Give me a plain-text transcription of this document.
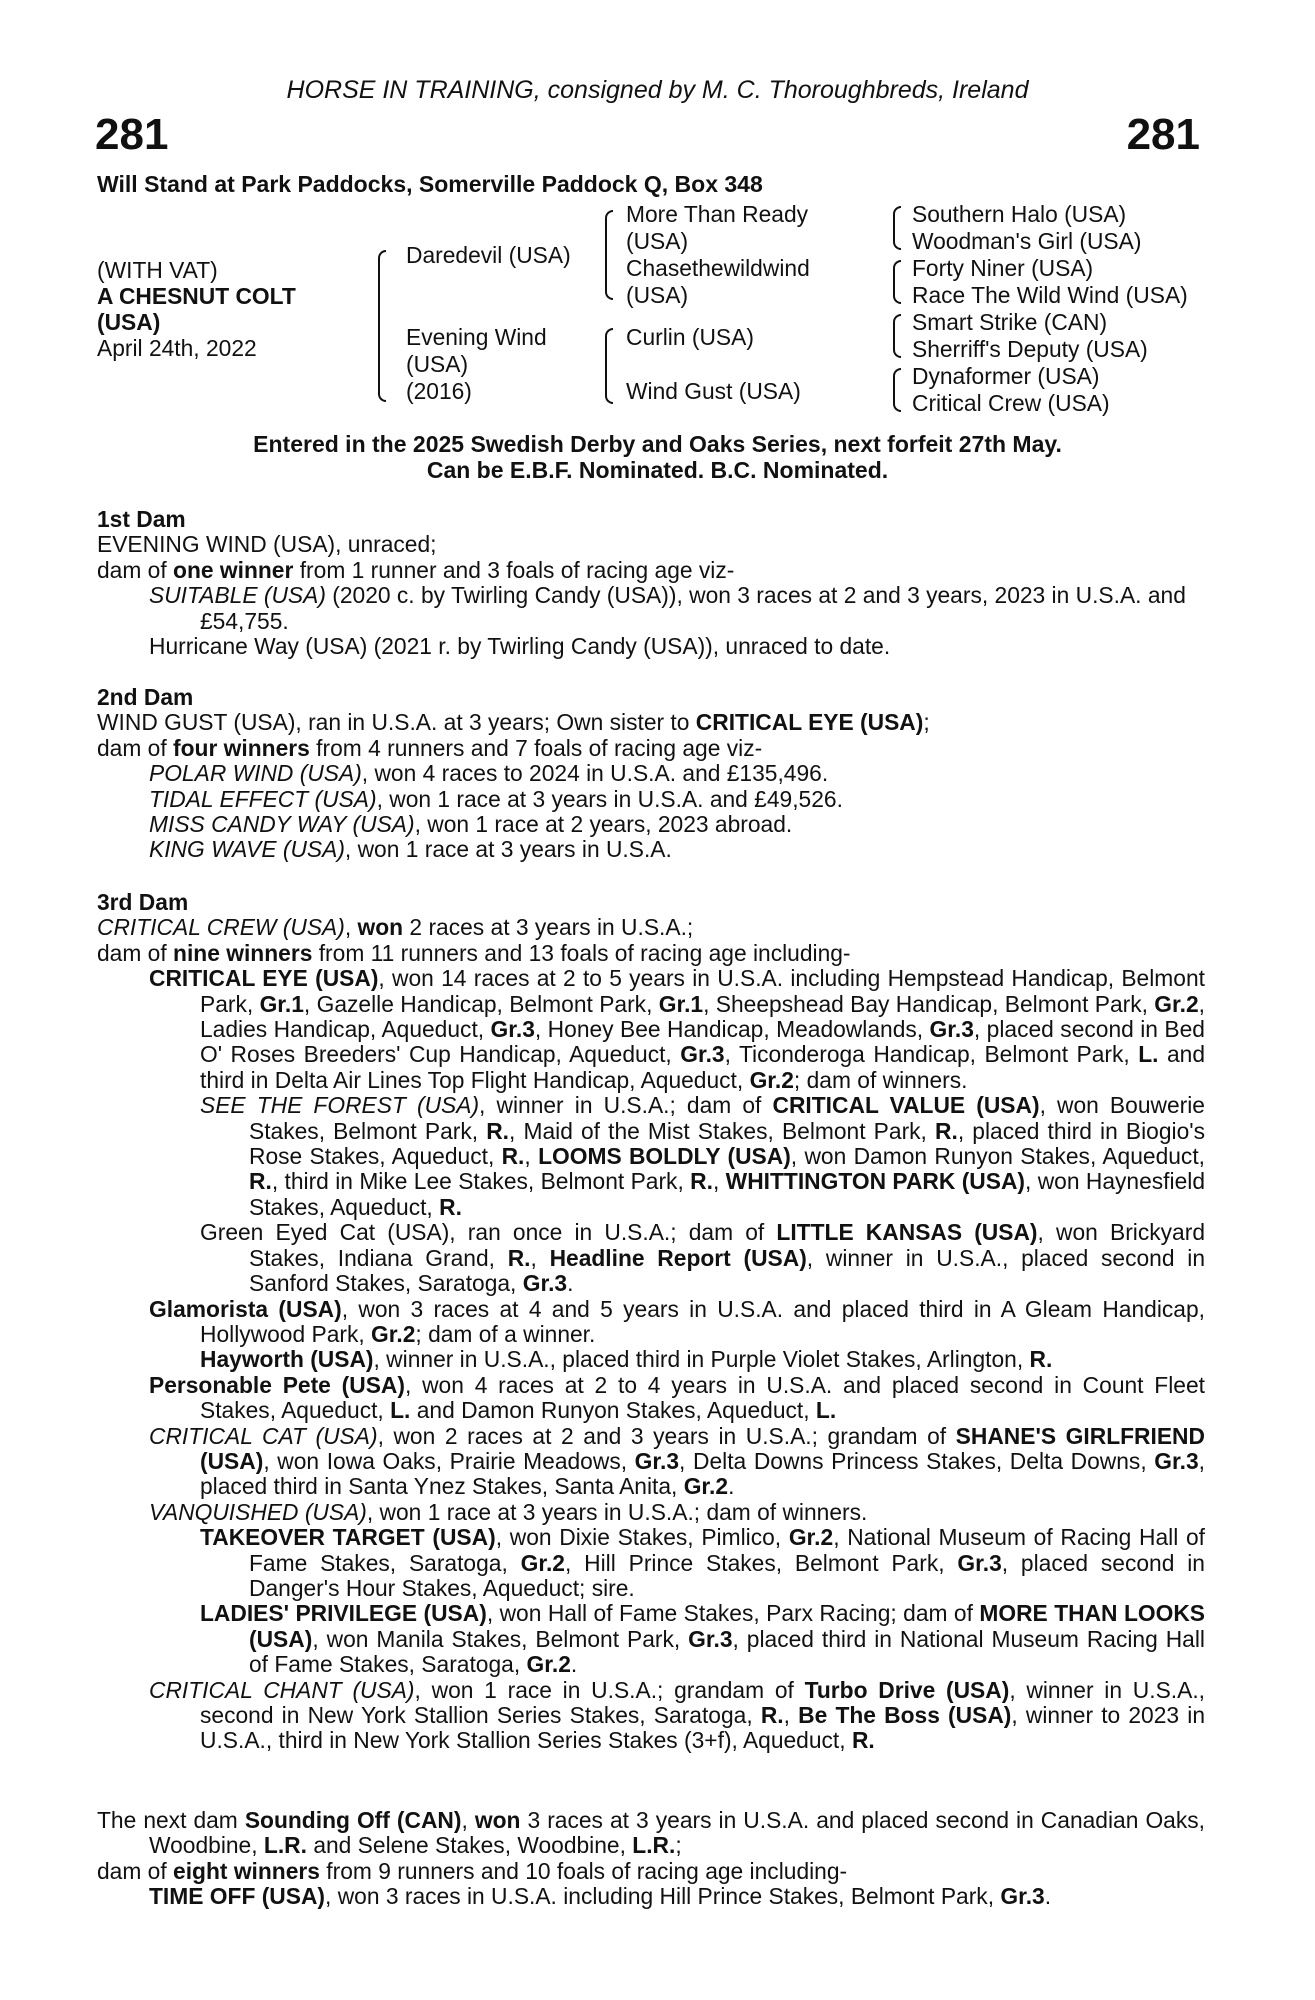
HORSE IN TRAINING, consigned by M. C. Thoroughbreds, Ireland
281	281
Will Stand at Park Paddocks, Somerville Paddock Q, Box 348
(WITH VAT)
A CHESNUT COLT
(USA)
April 24th, 2022
Daredevil (USA)
Evening Wind
(USA)
(2016)
More Than Ready
(USA)
Chasethewildwind
(USA)
Curlin (USA)
Wind Gust (USA)
Southern Halo (USA)
Woodman's Girl (USA)
Forty Niner (USA)
Race The Wild Wind (USA)
Smart Strike (CAN)
Sherriff's Deputy (USA)
Dynaformer (USA)
Critical Crew (USA)
Entered in the 2025 Swedish Derby and Oaks Series, next forfeit 27th May.
Can be E.B.F. Nominated. B.C. Nominated.

1st Dam

EVENING WIND (USA), unraced;

dam of one winner from 1 runner and 3 foals of racing age viz-

SUITABLE (USA) (2020 c. by Twirling Candy (USA)), won 3 races at 2 and 3 years, 2023 in U.S.A. and £54,755.

Hurricane Way (USA) (2021 r. by Twirling Candy (USA)), unraced to date.

2nd Dam

WIND GUST (USA), ran in U.S.A. at 3 years; Own sister to CRITICAL EYE (USA);

dam of four winners from 4 runners and 7 foals of racing age viz-

POLAR WIND (USA), won 4 races to 2024 in U.S.A. and £135,496.

TIDAL EFFECT (USA), won 1 race at 3 years in U.S.A. and £49,526.

MISS CANDY WAY (USA), won 1 race at 2 years, 2023 abroad.

KING WAVE (USA), won 1 race at 3 years in U.S.A.

3rd Dam

CRITICAL CREW (USA), won 2 races at 3 years in U.S.A.;

dam of nine winners from 11 runners and 13 foals of racing age including-

CRITICAL EYE (USA), won 14 races at 2 to 5 years in U.S.A. including Hempstead Handicap, Belmont Park, Gr.1, Gazelle Handicap, Belmont Park, Gr.1, Sheepshead Bay Handicap, Belmont Park, Gr.2, Ladies Handicap, Aqueduct, Gr.3, Honey Bee Handicap, Meadowlands, Gr.3, placed second in Bed O' Roses Breeders' Cup Handicap, Aqueduct, Gr.3, Ticonderoga Handicap, Belmont Park, L. and third in Delta Air Lines Top Flight Handicap, Aqueduct, Gr.2; dam of winners.

SEE THE FOREST (USA), winner in U.S.A.; dam of CRITICAL VALUE (USA), won Bouwerie Stakes, Belmont Park, R., Maid of the Mist Stakes, Belmont Park, R., placed third in Biogio's Rose Stakes, Aqueduct, R., LOOMS BOLDLY (USA), won Damon Runyon Stakes, Aqueduct, R., third in Mike Lee Stakes, Belmont Park, R., WHITTINGTON PARK (USA), won Haynesfield Stakes, Aqueduct, R.

Green Eyed Cat (USA), ran once in U.S.A.; dam of LITTLE KANSAS (USA), won Brickyard Stakes, Indiana Grand, R., Headline Report (USA), winner in U.S.A., placed second in Sanford Stakes, Saratoga, Gr.3.

Glamorista (USA), won 3 races at 4 and 5 years in U.S.A. and placed third in A Gleam Handicap, Hollywood Park, Gr.2; dam of a winner.

Hayworth (USA), winner in U.S.A., placed third in Purple Violet Stakes, Arlington, R.

Personable Pete (USA), won 4 races at 2 to 4 years in U.S.A. and placed second in Count Fleet Stakes, Aqueduct, L. and Damon Runyon Stakes, Aqueduct, L.

CRITICAL CAT (USA), won 2 races at 2 and 3 years in U.S.A.; grandam of SHANE'S GIRLFRIEND (USA), won Iowa Oaks, Prairie Meadows, Gr.3, Delta Downs Princess Stakes, Delta Downs, Gr.3, placed third in Santa Ynez Stakes, Santa Anita, Gr.2.

VANQUISHED (USA), won 1 race at 3 years in U.S.A.; dam of winners.

TAKEOVER TARGET (USA), won Dixie Stakes, Pimlico, Gr.2, National Museum of Racing Hall of Fame Stakes, Saratoga, Gr.2, Hill Prince Stakes, Belmont Park, Gr.3, placed second in Danger's Hour Stakes, Aqueduct; sire.

LADIES' PRIVILEGE (USA), won Hall of Fame Stakes, Parx Racing; dam of MORE THAN LOOKS (USA), won Manila Stakes, Belmont Park, Gr.3, placed third in National Museum Racing Hall of Fame Stakes, Saratoga, Gr.2.

CRITICAL CHANT (USA), won 1 race in U.S.A.; grandam of Turbo Drive (USA), winner in U.S.A., second in New York Stallion Series Stakes, Saratoga, R., Be The Boss (USA), winner to 2023 in U.S.A., third in New York Stallion Series Stakes (3+f), Aqueduct, R.

The next dam Sounding Off (CAN), won 3 races at 3 years in U.S.A. and placed second in Canadian Oaks, Woodbine, L.R. and Selene Stakes, Woodbine, L.R.;

dam of eight winners from 9 runners and 10 foals of racing age including-

TIME OFF (USA), won 3 races in U.S.A. including Hill Prince Stakes, Belmont Park, Gr.3.
